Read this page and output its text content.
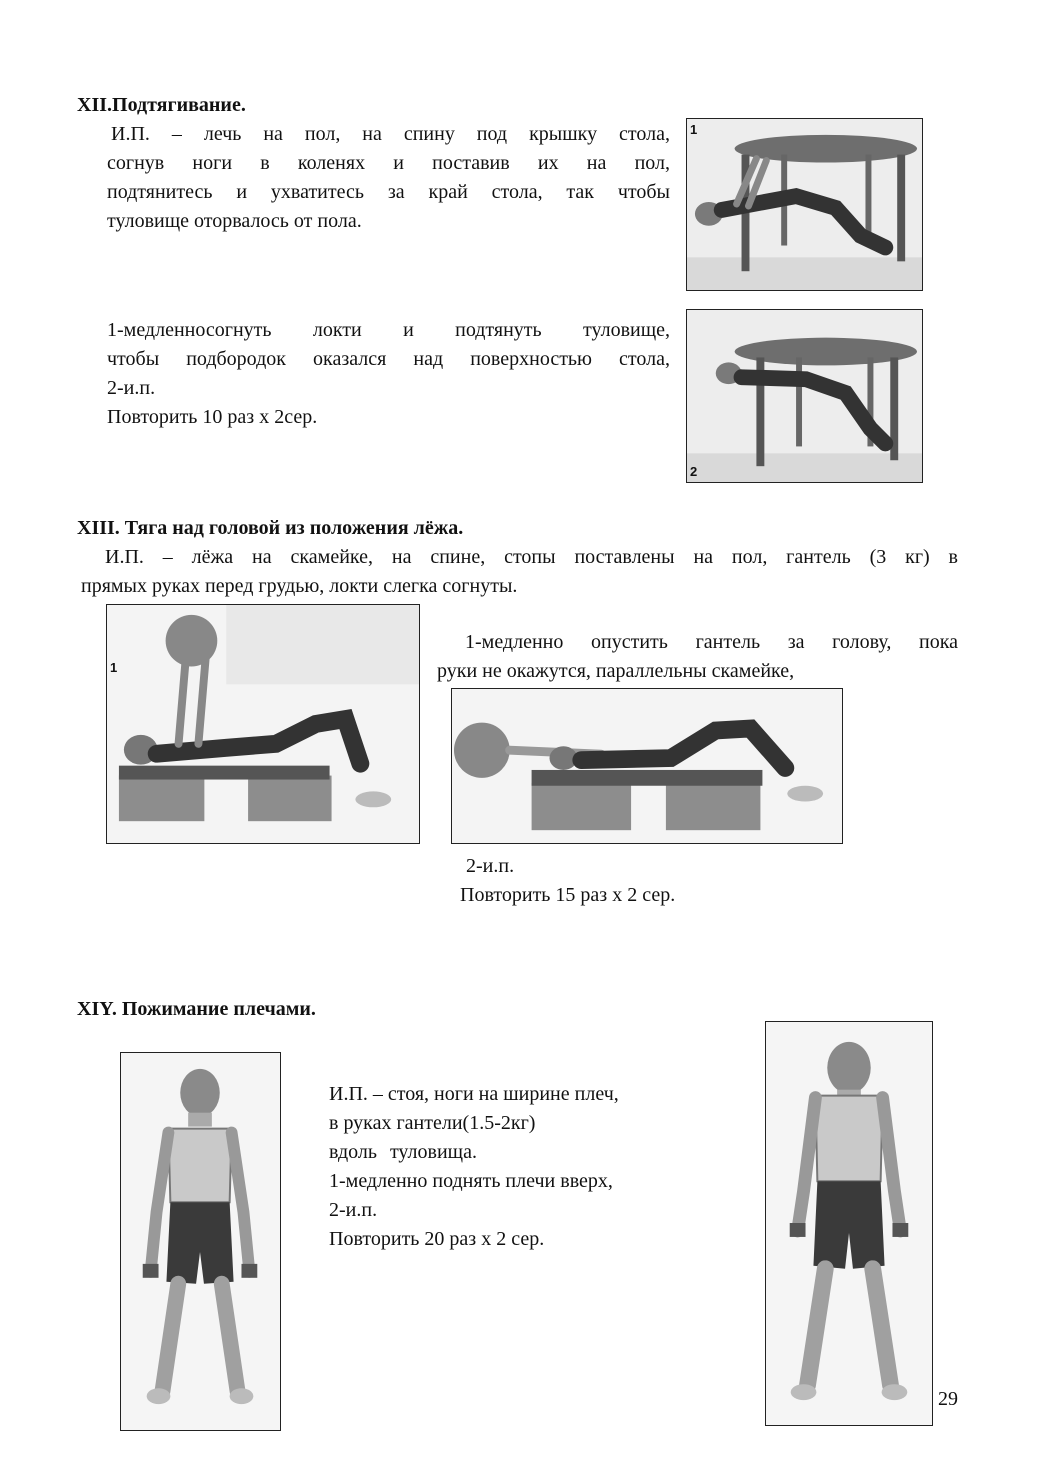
XII.Подтягивание.
И.П. – лечь на пол, на спину под крышку стола,
согнув ноги в коленях и поставив их на пол,
подтянитесь и ухватитесь за край стола, так чтобы
туловище оторвалось от пола.
1-медленносогнуть локти и подтянуть туловище,
чтобы подбородок оказался над поверхностью стола,
2-и.п.
Повторить 10 раз х 2сер.
1
2
XIII. Тяга над головой из положения лёжа.
И.П. – лёжа на скамейке, на спине, стопы поставлены на пол, гантель (3 кг) в
прямых руках перед грудью, локти слегка согнуты.
1
1-медленно опустить гантель за голову, пока
руки не окажутся, параллельны скамейке,
2-и.п.
Повторить 15 раз х 2 сер.
XIY. Пожимание плечами.
И.П. – стоя, ноги на ширине плеч,
в руках гантели(1.5-2кг)
вдоль туловища.
1-медленно поднять плечи вверх,
2-и.п.
Повторить 20 раз х 2 сер.
29
